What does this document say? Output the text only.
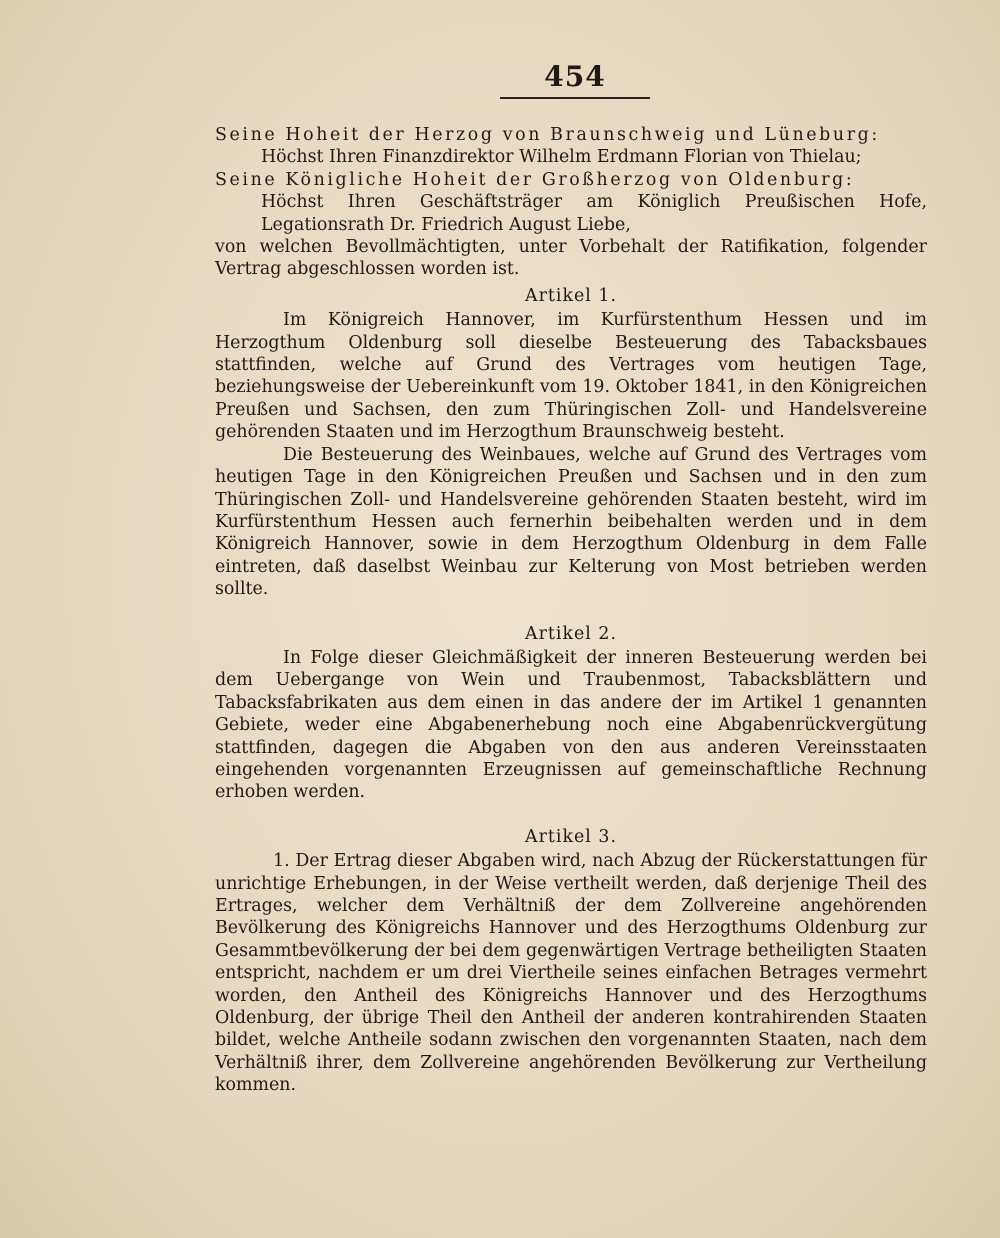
454

Seine Hoheit der Herzog von Braunschweig und Lüneburg:

Höchst Ihren Finanzdirektor Wilhelm Erdmann Florian von Thielau;

Seine Königliche Hoheit der Großherzog von Oldenburg:

Höchst Ihren Geschäftsträger am Königlich Preußischen Hofe, Legationsrath Dr. Friedrich August Liebe,

von welchen Bevollmächtigten, unter Vorbehalt der Ratifikation, folgender Vertrag abgeschlossen worden ist.

Artikel 1.

Im Königreich Hannover, im Kurfürstenthum Hessen und im Herzogthum Oldenburg soll dieselbe Besteuerung des Tabacksbaues stattfinden, welche auf Grund des Vertrages vom heutigen Tage, beziehungsweise der Uebereinkunft vom 19. Oktober 1841, in den Königreichen Preußen und Sachsen, den zum Thüringischen Zoll- und Handelsvereine gehörenden Staaten und im Herzogthum Braunschweig besteht.

Die Besteuerung des Weinbaues, welche auf Grund des Vertrages vom heutigen Tage in den Königreichen Preußen und Sachsen und in den zum Thüringischen Zoll- und Handelsvereine gehörenden Staaten besteht, wird im Kurfürstenthum Hessen auch fernerhin beibehalten werden und in dem Königreich Hannover, sowie in dem Herzogthum Oldenburg in dem Falle eintreten, daß daselbst Weinbau zur Kelterung von Most betrieben werden sollte.

Artikel 2.

In Folge dieser Gleichmäßigkeit der inneren Besteuerung werden bei dem Uebergange von Wein und Traubenmost, Tabacksblättern und Tabacksfabrikaten aus dem einen in das andere der im Artikel 1 genannten Gebiete, weder eine Abgabenerhebung noch eine Abgabenrückvergütung stattfinden, dagegen die Abgaben von den aus anderen Vereinsstaaten eingehenden vorgenannten Erzeugnissen auf gemeinschaftliche Rechnung erhoben werden.

Artikel 3.

1. Der Ertrag dieser Abgaben wird, nach Abzug der Rückerstattungen für unrichtige Erhebungen, in der Weise vertheilt werden, daß derjenige Theil des Ertrages, welcher dem Verhältniß der dem Zollvereine angehörenden Bevölkerung des Königreichs Hannover und des Herzogthums Oldenburg zur Gesammtbevölkerung der bei dem gegenwärtigen Vertrage betheiligten Staaten entspricht, nachdem er um drei Viertheile seines einfachen Betrages vermehrt worden, den Antheil des Königreichs Hannover und des Herzogthums Oldenburg, der übrige Theil den Antheil der anderen kontrahirenden Staaten bildet, welche Antheile sodann zwischen den vorgenannten Staaten, nach dem Verhältniß ihrer, dem Zollvereine angehörenden Bevölkerung zur Vertheilung kommen.
